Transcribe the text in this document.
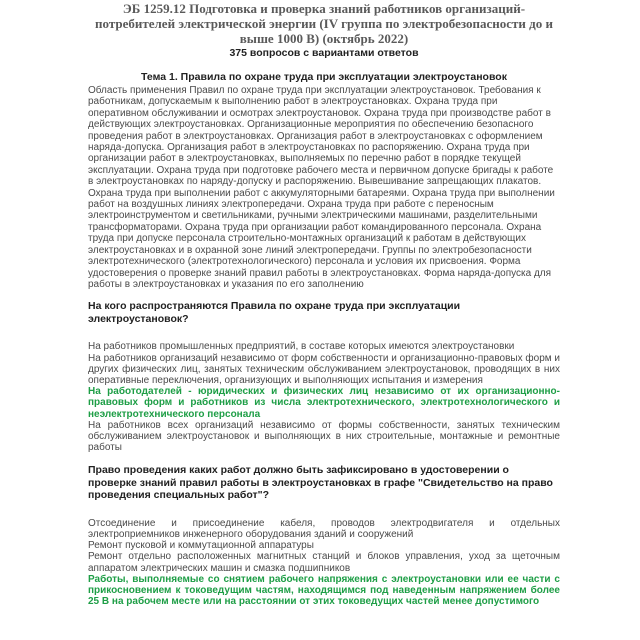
ЭБ 1259.12 Подготовка и проверка знаний работников организаций-потребителей электрической энергии (IV группа по электробезопасности до и выше 1000 В) (октябрь 2022)
375 вопросов с вариантами ответов
Тема 1. Правила по охране труда при эксплуатации электроустановок
Область применения Правил по охране труда при эксплуатации электроустановок. Требования к работникам, допускаемым к выполнению работ в электроустановках. Охрана труда при оперативном обслуживании и осмотрах электроустановок. Охрана труда при производстве работ в действующих электроустановках. Организационные мероприятия по обеспечению безопасного проведения работ в электроустановках. Организация работ в электроустановках с оформлением наряда-допуска. Организация работ в электроустановках по распоряжению. Охрана труда при организации работ в электроустановках, выполняемых по перечню работ в порядке текущей эксплуатации. Охрана труда при подготовке рабочего места и первичном допуске бригады к работе в электроустановках по наряду-допуску и распоряжению. Вывешивание запрещающих плакатов. Охрана труда при выполнении работ с аккумуляторными батареями. Охрана труда при выполнении работ на воздушных линиях электропередачи. Охрана труда при работе с переносным электроинструментом и светильниками, ручными электрическими машинами, разделительными трансформаторами. Охрана труда при организации работ командированного персонала. Охрана труда при допуске персонала строительно-монтажных организаций к работам в действующих электроустановках и в охранной зоне линий электропередачи. Группы по электробезопасности электротехнического (электротехнологического) персонала и условия их присвоения. Форма удостоверения о проверке знаний правил работы в электроустановках. Форма наряда-допуска для работы в электроустановках и указания по его заполнению
На кого распространяются Правила по охране труда при эксплуатации электроустановок?
На работников промышленных предприятий, в составе которых имеются электроустановки
На работников организаций независимо от форм собственности и организационно-правовых форм и других физических лиц, занятых техническим обслуживанием электроустановок, проводящих в них оперативные переключения, организующих и выполняющих испытания и измерения
На работодателей - юридических и физических лиц независимо от их организационно-правовых форм и работников из числа электротехнического, электротехнологического и неэлектротехнического персонала
На работников всех организаций независимо от формы собственности, занятых техническим обслуживанием электроустановок и выполняющих в них строительные, монтажные и ремонтные работы
Право проведения каких работ должно быть зафиксировано в удостоверении о проверке знаний правил работы в электроустановках в графе "Свидетельство на право проведения специальных работ"?
Отсоединение и присоединение кабеля, проводов электродвигателя и отдельных электроприемников инженерного оборудования зданий и сооружений
Ремонт пусковой и коммутационной аппаратуры
Ремонт отдельно расположенных магнитных станций и блоков управления, уход за щеточным аппаратом электрических машин и смазка подшипников
Работы, выполняемые со снятием рабочего напряжения с электроустановки или ее части с прикосновением к токоведущим частям, находящимся под наведенным напряжением более 25 В на рабочем месте или на расстоянии от этих токоведущих частей менее допустимого
